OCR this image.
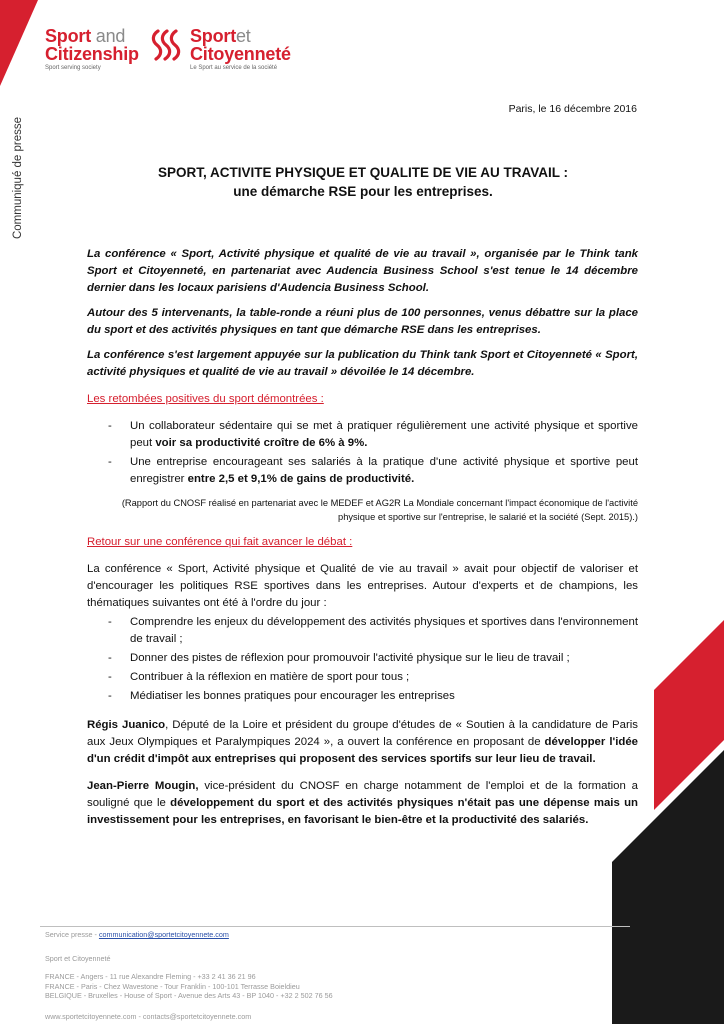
Sport and
Citizenship
Sport serving society
Sportet
Citoyenneté
Le Sport au service de la société
Communiqué de presse
Paris, le 16 décembre 2016
SPORT, ACTIVITE PHYSIQUE ET QUALITE DE VIE AU TRAVAIL :
une démarche RSE pour les entreprises.

La conférence « Sport, Activité physique et qualité de vie au travail », organisée par le Think tank Sport et Citoyenneté, en partenariat avec Audencia Business School s'est tenue le 14 décembre dernier dans les locaux parisiens d'Audencia Business School.

Autour des 5 intervenants, la table-ronde a réuni plus de 100 personnes, venus débattre sur la place du sport et des activités physiques en tant que démarche RSE dans les entreprises.

La conférence s'est largement appuyée sur la publication du Think tank Sport et Citoyenneté « Sport, activité physiques et qualité de vie au travail » dévoilée le 14 décembre.

Les retombées positives du sport démontrées :
- Un collaborateur sédentaire qui se met à pratiquer régulièrement une activité physique et sportive peut voir sa productivité croître de 6% à 9%.
- Une entreprise encourageant ses salariés à la pratique d'une activité physique et sportive peut enregistrer entre 2,5 et 9,1% de gains de productivité.
(Rapport du CNOSF réalisé en partenariat avec le MEDEF et AG2R La Mondiale concernant l'impact économique de l'activité physique et sportive sur l'entreprise, le salarié et la société (Sept. 2015).)
Retour sur une conférence qui fait avancer le débat :

La conférence « Sport, Activité physique et Qualité de vie au travail » avait pour objectif de valoriser et d'encourager les politiques RSE sportives dans les entreprises. Autour d'experts et de champions, les thématiques suivantes ont été à l'ordre du jour :

- Comprendre les enjeux du développement des activités physiques et sportives dans l'environnement de travail ;
- Donner des pistes de réflexion pour promouvoir l'activité physique sur le lieu de travail ;
- Contribuer à la réflexion en matière de sport pour tous ;
- Médiatiser les bonnes pratiques pour encourager les entreprises

Régis Juanico, Député de la Loire et président du groupe d'études de « Soutien à la candidature de Paris aux Jeux Olympiques et Paralympiques 2024 », a ouvert la conférence en proposant de développer l'idée d'un crédit d'impôt aux entreprises qui proposent des services sportifs sur leur lieu de travail.

Jean-Pierre Mougin, vice-président du CNOSF en charge notamment de l'emploi et de la formation a souligné que le développement du sport et des activités physiques n'était pas une dépense mais un investissement pour les entreprises, en favorisant le bien-être et la productivité des salariés.

Service presse - communication@sportetcitoyennete.com
Sport et Citoyenneté
FRANCE - Angers - 11 rue Alexandre Fleming - +33 2 41 36 21 96
FRANCE - Paris - Chez Wavestone - Tour Franklin - 100-101 Terrasse Boieldieu
BELGIQUE - Bruxelles - House of Sport - Avenue des Arts 43 - BP 1040 - +32 2 502 76 56
www.sportetcitoyennete.com - contacts@sportetcitoyennete.com
